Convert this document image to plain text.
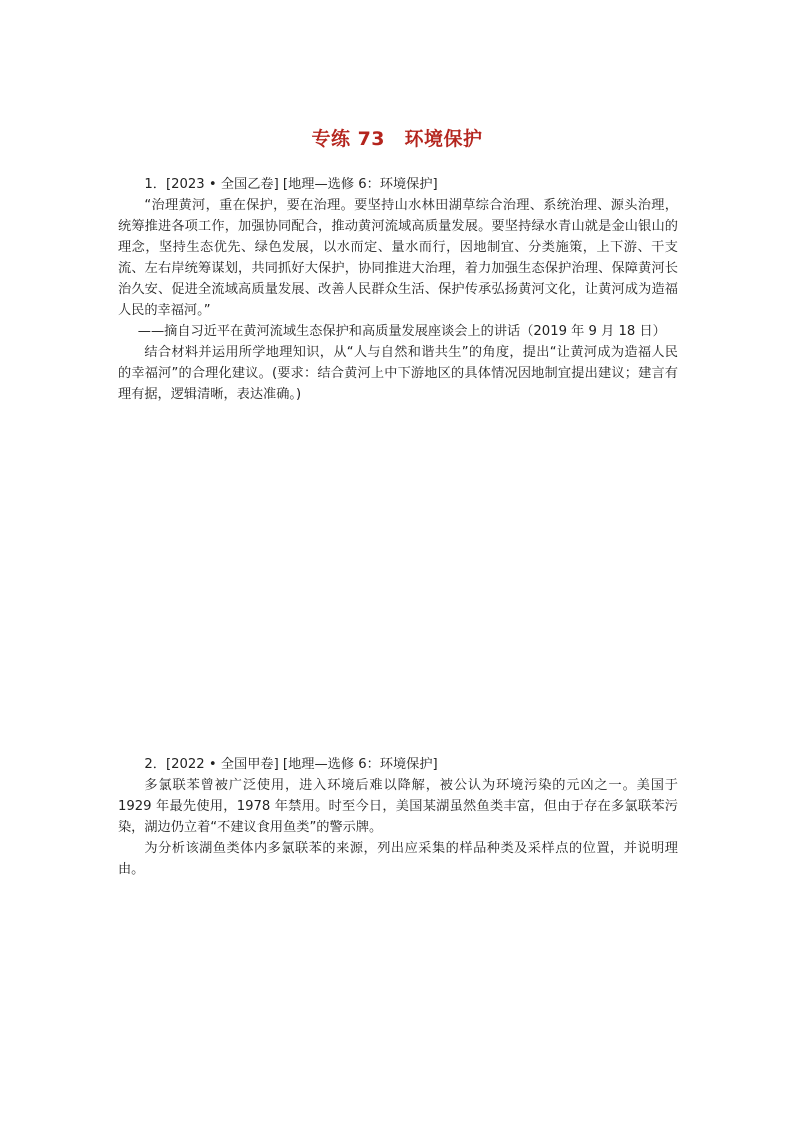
专练 73　环境保护

1．[2023 • 全国乙卷] [地理—选修 6：环境保护]

“治理黄河，重在保护，要在治理。要坚持山水林田湖草综合治理、系统治理、源头治理，统筹推进各项工作，加强协同配合，推动黄河流域高质量发展。要坚持绿水青山就是金山银山的理念，坚持生态优先、绿色发展，以水而定、量水而行，因地制宜、分类施策，上下游、干支流、左右岸统筹谋划，共同抓好大保护，协同推进大治理，着力加强生态保护治理、保障黄河长治久安、促进全流域高质量发展、改善人民群众生活、保护传承弘扬黄河文化，让黄河成为造福人民的幸福河。”

——摘自习近平在黄河流域生态保护和高质量发展座谈会上的讲话（2019 年 9 月 18 日）

结合材料并运用所学地理知识，从“人与自然和谐共生”的角度，提出“让黄河成为造福人民的幸福河”的合理化建议。(要求：结合黄河上中下游地区的具体情况因地制宜提出建议；建言有理有据，逻辑清晰，表达准确。)

2．[2022 • 全国甲卷] [地理—选修 6：环境保护]

多氯联苯曾被广泛使用，进入环境后难以降解，被公认为环境污染的元凶之一。美国于 1929 年最先使用，1978 年禁用。时至今日，美国某湖虽然鱼类丰富，但由于存在多氯联苯污染，湖边仍立着“不建议食用鱼类”的警示牌。

为分析该湖鱼类体内多氯联苯的来源，列出应采集的样品种类及采样点的位置，并说明理由。
